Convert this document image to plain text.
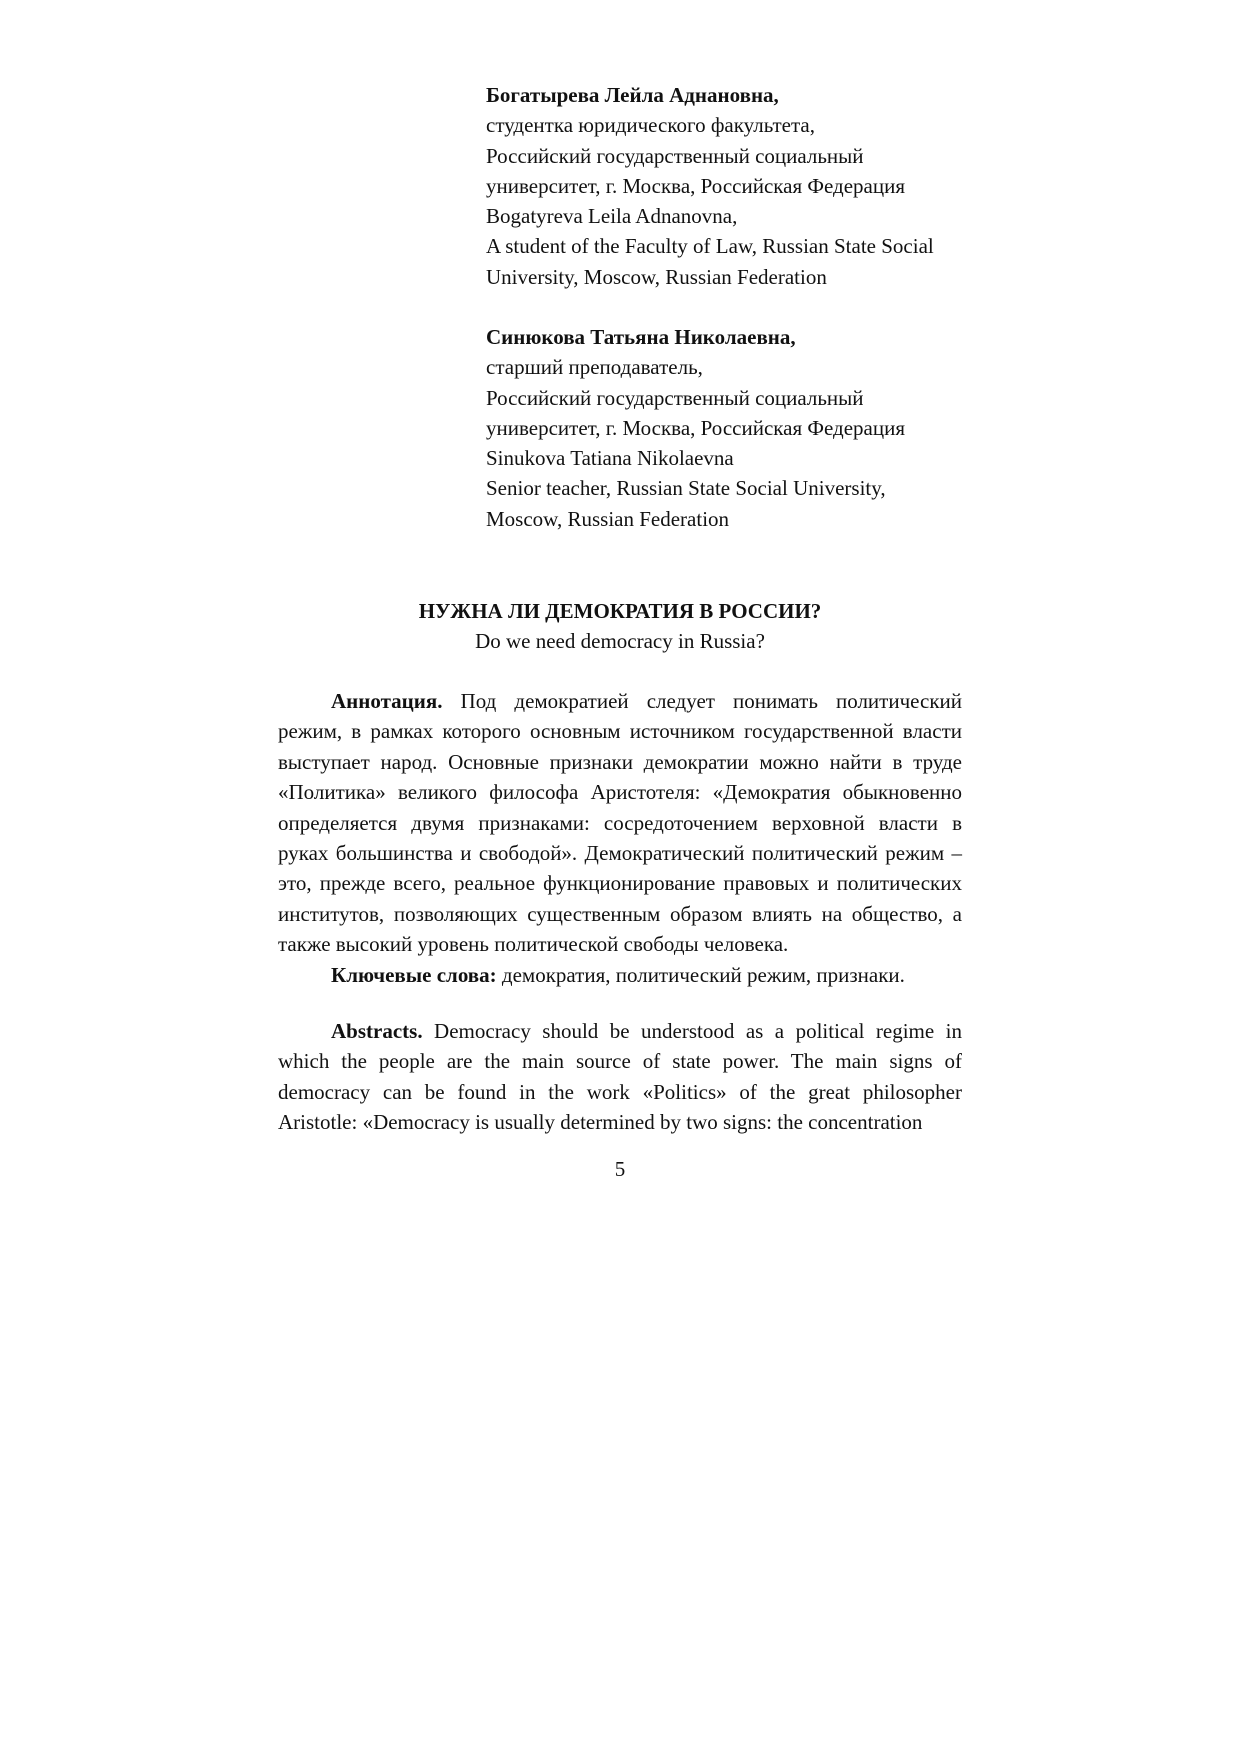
Богатырева Лейла Аднановна,
студентка юридического факультета,
Российский государственный социальный
университет, г. Москва, Российская Федерация
Bogatyreva Leila Adnanovna,
A student of the Faculty of Law, Russian State Social
University, Moscow, Russian Federation
Синюкова Татьяна Николаевна,
старший преподаватель,
Российский государственный социальный
университет, г. Москва, Российская Федерация
Sinukova Tatiana Nikolaevna
Senior teacher, Russian State Social University,
Moscow, Russian Federation
НУЖНА ЛИ ДЕМОКРАТИЯ В РОССИИ?
Do we need democracy in Russia?

Аннотация. Под демократией следует понимать политический режим, в рамках которого основным источником государственной власти выступает народ. Основные признаки демократии можно найти в труде «Политика» великого философа Аристотеля: «Демократия обыкновенно определяется двумя признаками: сосредоточением верховной власти в руках большинства и свободой». Демократический политический режим – это, прежде всего, реальное функционирование правовых и политических институтов, позволяющих существенным образом влиять на общество, а также высокий уровень политической свободы человека.

Ключевые слова: демократия, политический режим, признаки.

Abstracts. Democracy should be understood as a political regime in which the people are the main source of state power. The main signs of democracy can be found in the work «Politics» of the great philosopher Aristotle: «Democracy is usually determined by two signs: the concentration

5
